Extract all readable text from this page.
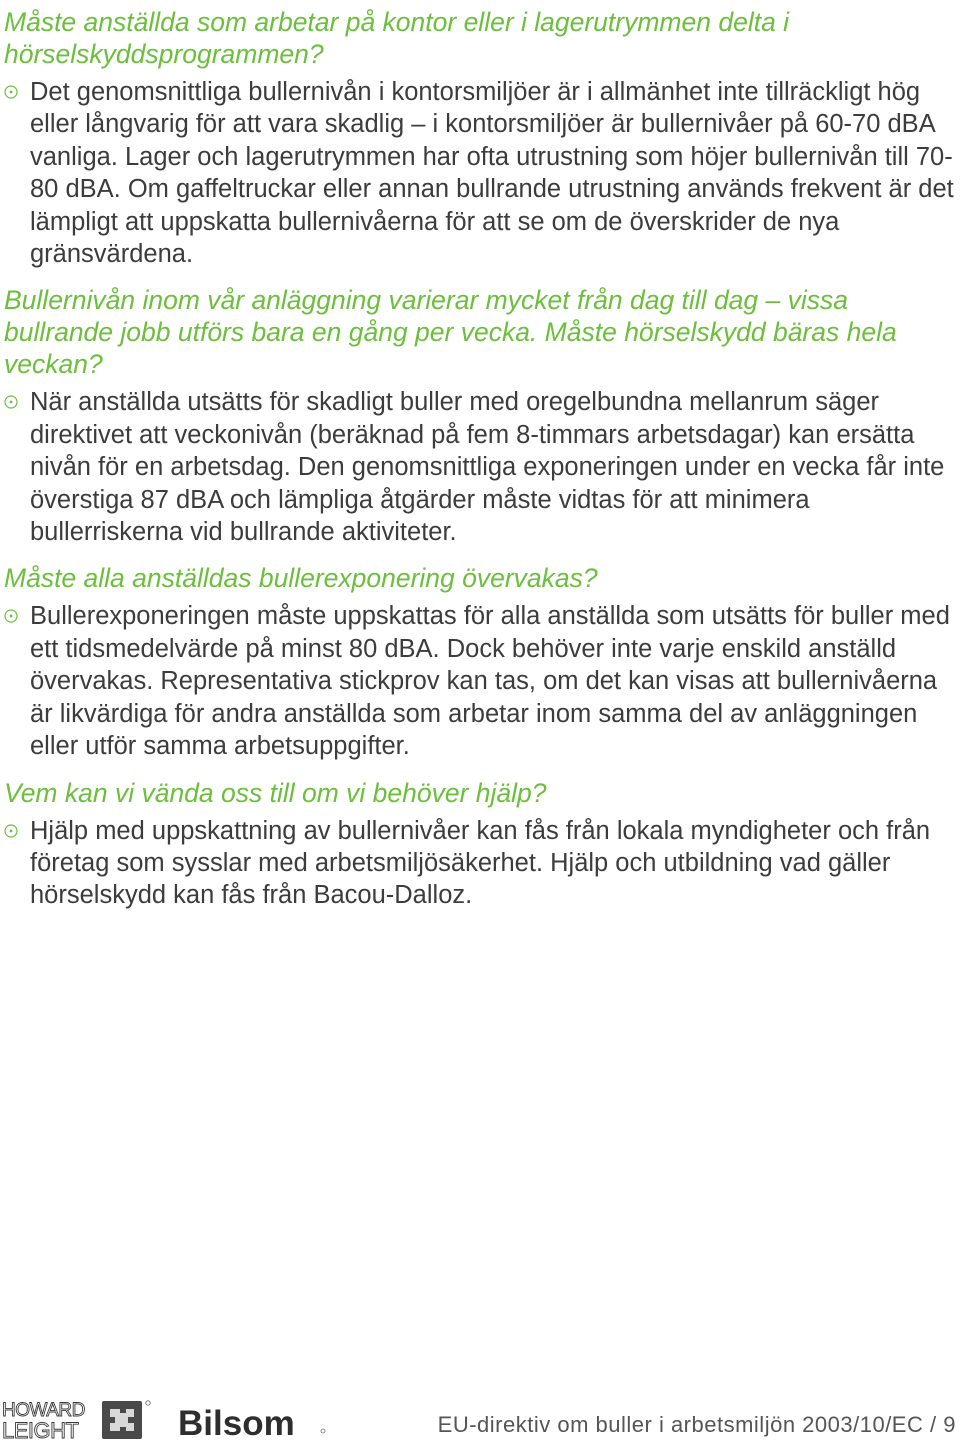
Måste anställda som arbetar på kontor eller i lagerutrymmen delta i hörselskyddsprogrammen?

Det genomsnittliga bullernivån i kontorsmiljöer är i allmänhet inte tillräckligt hög eller långvarig för att vara skadlig – i kontorsmiljöer är bullernivåer på 60-70 dBA vanliga. Lager och lagerutrymmen har ofta utrustning som höjer bullernivån till 70-80 dBA. Om gaffeltruckar eller annan bullrande utrustning används frekvent är det lämpligt att uppskatta bullernivåerna för att se om de överskrider de nya gränsvärdena.

Bullernivån inom vår anläggning varierar mycket från dag till dag – vissa bullrande jobb utförs bara en gång per vecka. Måste hörselskydd bäras hela veckan?

När anställda utsätts för skadligt buller med oregelbundna mellanrum säger direktivet att veckonivån (beräknad på fem 8-timmars arbetsdagar) kan ersätta nivån för en arbetsdag. Den genomsnittliga exponeringen under en vecka får inte överstiga 87 dBA och lämpliga åtgärder måste vidtas för att minimera bullerriskerna vid bullrande aktiviteter.

Måste alla anställdas bullerexponering övervakas?

Bullerexponeringen måste uppskattas för alla anställda som utsätts för buller med ett tidsmedelvärde på minst 80 dBA. Dock behöver inte varje enskild anställd övervakas. Representativa stickprov kan tas, om det kan visas att bullernivåerna är likvärdiga för andra anställda som arbetar inom samma del av anläggningen eller utför samma arbetsuppgifter.

Vem kan vi vända oss till om vi behöver hjälp?

Hjälp med uppskattning av bullernivåer kan fås från lokala myndigheter och från företag som sysslar med arbetsmiljösäkerhet. Hjälp och utbildning vad gäller hörselskydd kan fås från Bacou-Dalloz.
HOWARD
LEIGHT	Bilsom	EU-direktiv om buller i arbetsmiljön 2003/10/EC / 9
